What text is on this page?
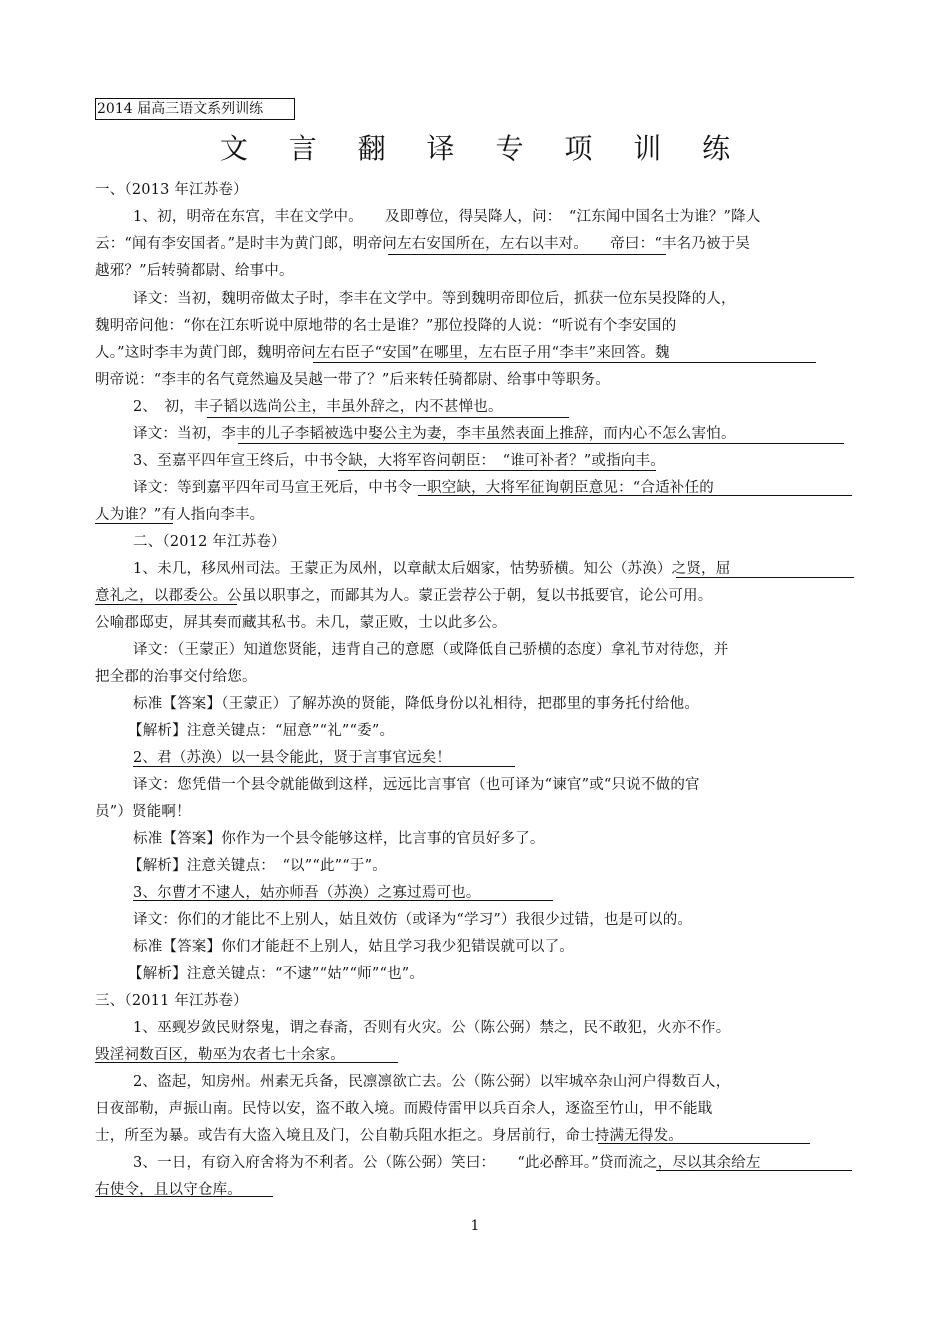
2014 届高三语文系列训练
文 言 翻 译 专 项 训 练
一、（2013 年江苏卷）
1、初，明帝在东宫，丰在文学中。　　及即尊位，得吴降人，问：　“江东闻中国名士为谁？”降人
云：“闻有李安国者。”是时丰为黄门郎，明帝问左右安国所在，左右以丰对。　　帝曰：“丰名乃被于吴
越邪？”后转骑都尉、给事中。
译文：当初，魏明帝做太子时，李丰在文学中。等到魏明帝即位后，抓获一位东吴投降的人，
魏明帝问他：“你在江东听说中原地带的名士是谁？”那位投降的人说：“听说有个李安国的
人。”这时李丰为黄门郎，魏明帝问左右臣子“安国”在哪里，左右臣子用“李丰”来回答。魏
明帝说：“李丰的名气竟然遍及吴越一带了？”后来转任骑都尉、给事中等职务。
2、　初，丰子韬以选尚公主，丰虽外辞之，内不甚惮也。
译文：当初，李丰的儿子李韬被选中娶公主为妻，李丰虽然表面上推辞，而内心不怎么害怕。
3、至嘉平四年宣王终后，中书令缺，大将军咨问朝臣：　“谁可补者？”或指向丰。
译文：等到嘉平四年司马宣王死后，中书令一职空缺，大将军征询朝臣意见：“合适补任的
人为谁？”有人指向李丰。
二、（2012 年江苏卷）
1、未几，移凤州司法。王蒙正为凤州，以章献太后姻家，怙势骄横。知公（苏涣）之贤，屈
意礼之，以郡委公。公虽以职事之，而鄙其为人。蒙正尝荐公于朝，复以书抵要官，论公可用。
公喻郡邸吏，屏其奏而藏其私书。未几，蒙正败，士以此多公。
译文：（王蒙正）知道您贤能，违背自己的意愿（或降低自己骄横的态度）拿礼节对待您，并
把全郡的治事交付给您。
标准【答案】（王蒙正）了解苏涣的贤能，降低身份以礼相待，把郡里的事务托付给他。
【解析】注意关键点：“屈意”“礼”“委”。
2、君（苏涣）以一县令能此，贤于言事官远矣！
译文：您凭借一个县令就能做到这样，远远比言事官（也可译为“谏官”或“只说不做的官
员”）贤能啊！
标准【答案】你作为一个县令能够这样，比言事的官员好多了。
【解析】注意关键点：　“以”“此”“于”。
3、尔曹才不逮人，姑亦师吾（苏涣）之寡过焉可也。
译文：你们的才能比不上别人，姑且效仿（或译为“学习”）我很少过错，也是可以的。
标准【答案】你们才能赶不上别人，姑且学习我少犯错误就可以了。
【解析】注意关键点：“不逮”“姑”“师”“也”。
三、（2011 年江苏卷）
1、巫觋岁敛民财祭鬼，谓之春斋，否则有火灾。公（陈公弼）禁之，民不敢犯，火亦不作。
毁淫祠数百区，勒巫为农者七十余家。
2、盗起，知房州。州素无兵备，民凛凛欲亡去。公（陈公弼）以牢城卒杂山河户得数百人，
日夜部勒，声振山南。民恃以安，盗不敢入境。而殿侍雷甲以兵百余人，逐盗至竹山，甲不能戢
士，所至为暴。或告有大盗入境且及门，公自勒兵阻水拒之。身居前行，命士持满无得发。
3、一日，有窃入府舍将为不利者。公（陈公弼）笑曰：　　“此必醉耳。”贷而流之，尽以其余给左
右使令，且以守仓库。
1
